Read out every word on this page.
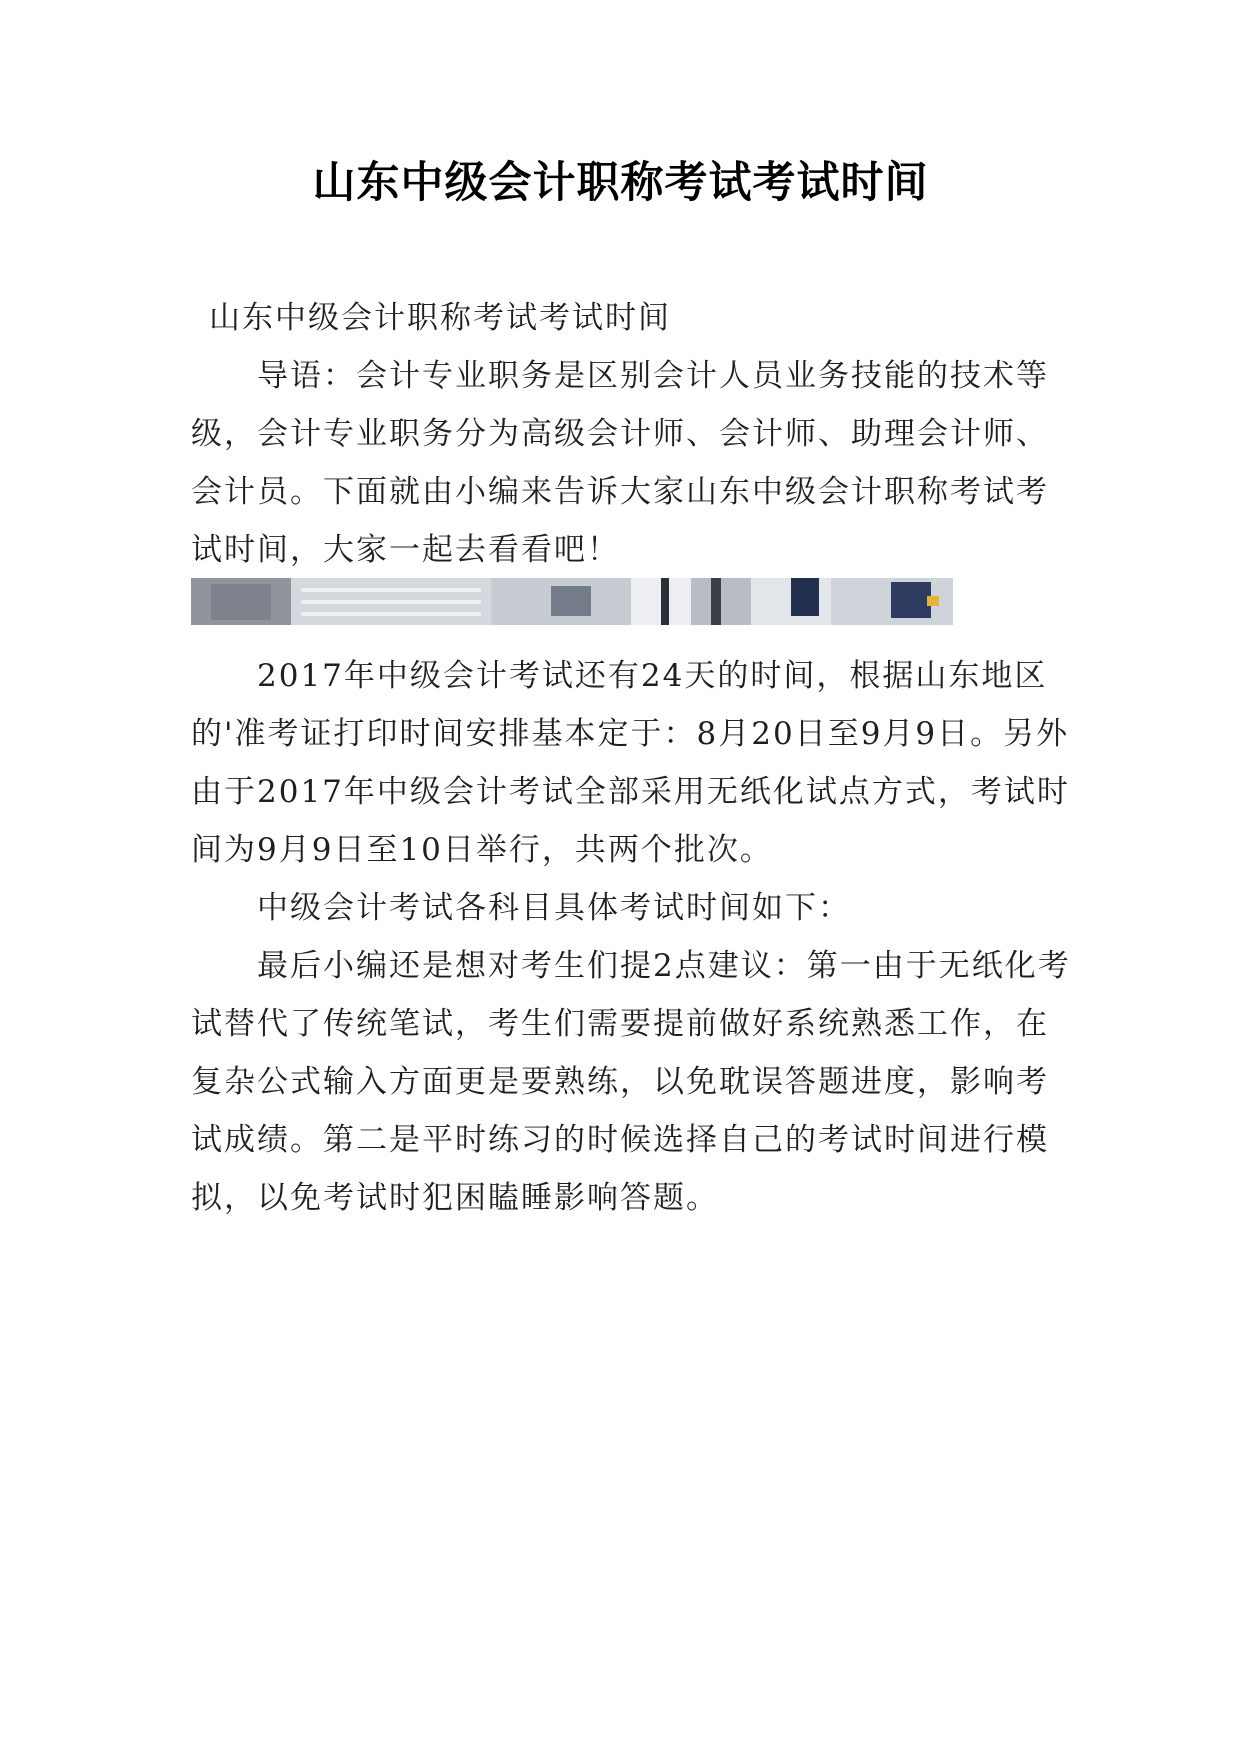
山东中级会计职称考试考试时间

山东中级会计职称考试考试时间

导语：会计专业职务是区别会计人员业务技能的技术等级，会计专业职务分为高级会计师、会计师、助理会计师、会计员。下面就由小编来告诉大家山东中级会计职称考试考试时间，大家一起去看看吧！

2017年中级会计考试还有24天的时间，根据山东地区的'准考证打印时间安排基本定于：8月20日至9月9日。另外由于2017年中级会计考试全部采用无纸化试点方式，考试时间为9月9日至10日举行，共两个批次。

中级会计考试各科目具体考试时间如下：

最后小编还是想对考生们提2点建议：第一由于无纸化考试替代了传统笔试，考生们需要提前做好系统熟悉工作，在复杂公式输入方面更是要熟练，以免耽误答题进度，影响考试成绩。第二是平时练习的时候选择自己的考试时间进行模拟，以免考试时犯困瞌睡影响答题。
